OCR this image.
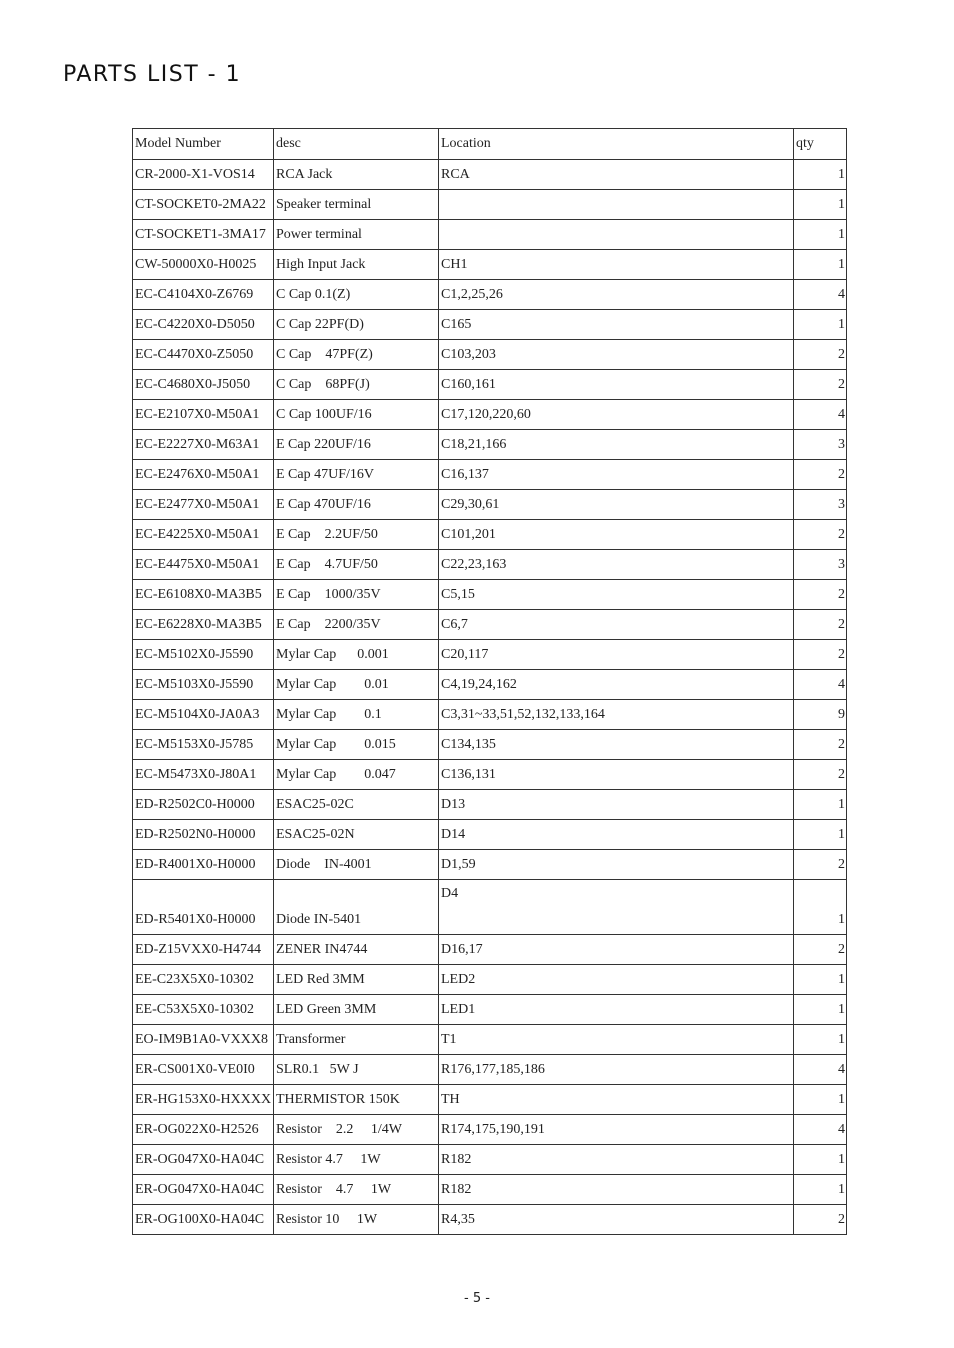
PARTS LIST - 1
Model Number	desc	Location	qty
CR-2000-X1-VOS14	RCA Jack	RCA	1
CT-SOCKET0-2MA22	Speaker terminal		1
CT-SOCKET1-3MA17	Power terminal		1
CW-50000X0-H0025	High Input Jack	CH1	1
EC-C4104X0-Z6769	C Cap 0.1(Z)	C1,2,25,26	4
EC-C4220X0-D5050	C Cap 22PF(D)	C165	1
EC-C4470X0-Z5050	C Cap    47PF(Z)	C103,203	2
EC-C4680X0-J5050	C Cap    68PF(J)	C160,161	2
EC-E2107X0-M50A1	C Cap 100UF/16	C17,120,220,60	4
EC-E2227X0-M63A1	E Cap 220UF/16	C18,21,166	3
EC-E2476X0-M50A1	E Cap 47UF/16V	C16,137	2
EC-E2477X0-M50A1	E Cap 470UF/16	C29,30,61	3
EC-E4225X0-M50A1	E Cap    2.2UF/50	C101,201	2
EC-E4475X0-M50A1	E Cap    4.7UF/50	C22,23,163	3
EC-E6108X0-MA3B5	E Cap    1000/35V	C5,15	2
EC-E6228X0-MA3B5	E Cap    2200/35V	C6,7	2
EC-M5102X0-J5590	Mylar Cap      0.001	C20,117	2
EC-M5103X0-J5590	Mylar Cap        0.01	C4,19,24,162	4
EC-M5104X0-JA0A3	Mylar Cap        0.1	C3,31~33,51,52,132,133,164	9
EC-M5153X0-J5785	Mylar Cap        0.015	C134,135	2
EC-M5473X0-J80A1	Mylar Cap        0.047	C136,131	2
ED-R2502C0-H0000	ESAC25-02C	D13	1
ED-R2502N0-H0000	ESAC25-02N	D14	1
ED-R4001X0-H0000	Diode    IN-4001	D1,59	2
ED-R5401X0-H0000	Diode IN-5401	D4	1
ED-Z15VXX0-H4744	ZENER IN4744	D16,17	2
EE-C23X5X0-10302	LED Red 3MM	LED2	1
EE-C53X5X0-10302	LED Green 3MM	LED1	1
EO-IM9B1A0-VXXX8	Transformer	T1	1
ER-CS001X0-VE0I0	SLR0.1   5W J	R176,177,185,186	4
ER-HG153X0-HXXXX	THERMISTOR 150K	TH	1
ER-OG022X0-H2526	Resistor    2.2     1/4W	R174,175,190,191	4
ER-OG047X0-HA04C	Resistor 4.7     1W	R182	1
ER-OG047X0-HA04C	Resistor    4.7     1W	R182	1
ER-OG100X0-HA04C	Resistor 10     1W	R4,35	2
- 5 -
